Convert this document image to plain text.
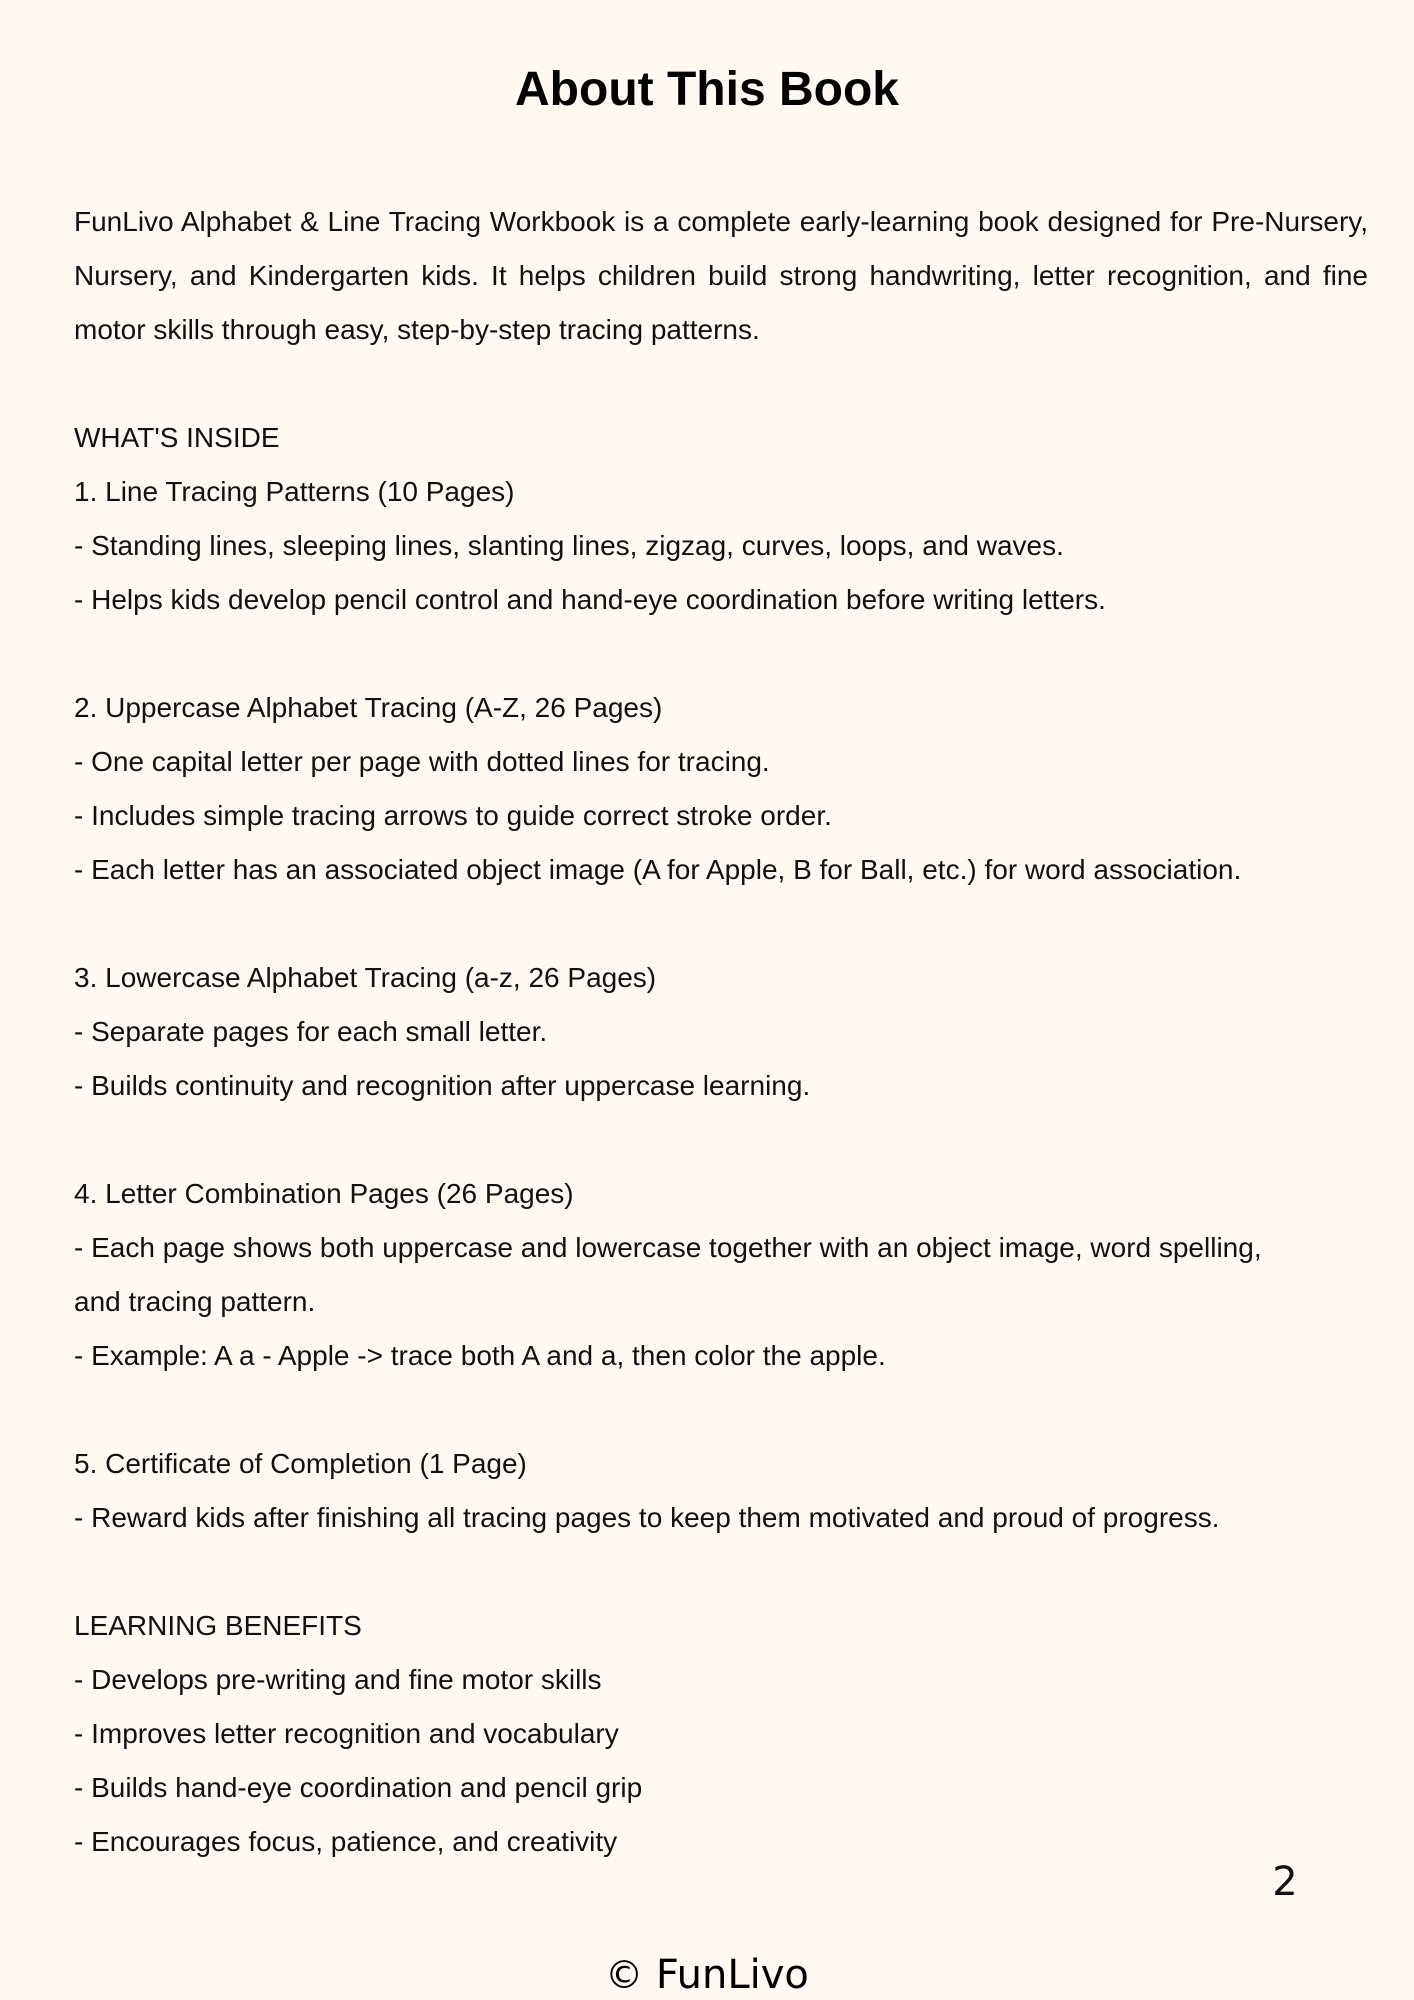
About This Book

FunLivo Alphabet & Line Tracing Workbook is a complete early-learning book designed for Pre-Nursery, Nursery, and Kindergarten kids. It helps children build strong handwriting, letter recognition, and fine motor skills through easy, step-by-step tracing patterns.

WHAT'S INSIDE

1. Line Tracing Patterns (10 Pages)

- Standing lines, sleeping lines, slanting lines, zigzag, curves, loops, and waves.

- Helps kids develop pencil control and hand-eye coordination before writing letters.

2. Uppercase Alphabet Tracing (A-Z, 26 Pages)

- One capital letter per page with dotted lines for tracing.

- Includes simple tracing arrows to guide correct stroke order.

- Each letter has an associated object image (A for Apple, B for Ball, etc.) for word association.

3. Lowercase Alphabet Tracing (a-z, 26 Pages)

- Separate pages for each small letter.

- Builds continuity and recognition after uppercase learning.

4. Letter Combination Pages (26 Pages)

- Each page shows both uppercase and lowercase together with an object image, word spelling,

and tracing pattern.

- Example: A a - Apple -> trace both A and a, then color the apple.

5. Certificate of Completion (1 Page)

- Reward kids after finishing all tracing pages to keep them motivated and proud of progress.

LEARNING BENEFITS

- Develops pre-writing and fine motor skills

- Improves letter recognition and vocabulary

- Builds hand-eye coordination and pencil grip

- Encourages focus, patience, and creativity

2
© FunLivo
